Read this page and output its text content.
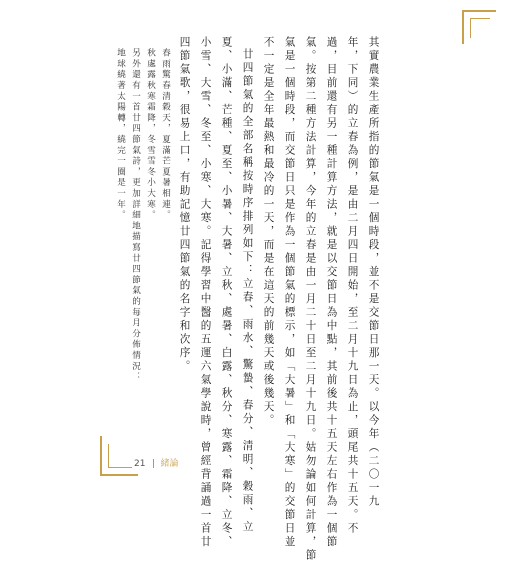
其實農業生產所指的節氣是一個時段，並不是交節日那一天。以今年（二〇一九
年，下同）的立春為例，是由二月四日開始，至二月十九日為止，頭尾共十五天。不
過，目前還有另一種計算方法，就是以交節日為中點，其前後共十五天左右作為一個節
氣。按第二種方法計算，今年的立春是由一月二十日至二月十九日。姑勿論如何計算，節
氣是一個時段，而交節日只是作為一個節氣的標示，如「大暑」和「大寒」的交節日並
不一定是全年最熱和最冷的一天，而是在這天的前幾天或後幾天。
廿四節氣的全部名稱按時序排列如下：立春、雨水、驚蟄、春分、清明、穀雨、立
夏、小滿、芒種、夏至、小暑、大暑、立秋、處暑、白露、秋分、寒露、霜降、立冬、
小雪、大雪、冬至、小寒、大寒。記得學習中醫的五運六氣學說時，曾經背誦過一首廿
四節氣歌，很易上口，有助記憶廿四節氣的名字和次序。
春雨驚春清穀天，夏滿芒夏暑相連。
秋處露秋寒霜降，冬雪雪冬小大寒。
另外還有一首廿四節氣詩，更加詳細地描寫廿四節氣的每月分佈情況：
地球繞著太陽轉，繞完一圈是一年。
21 緒論
